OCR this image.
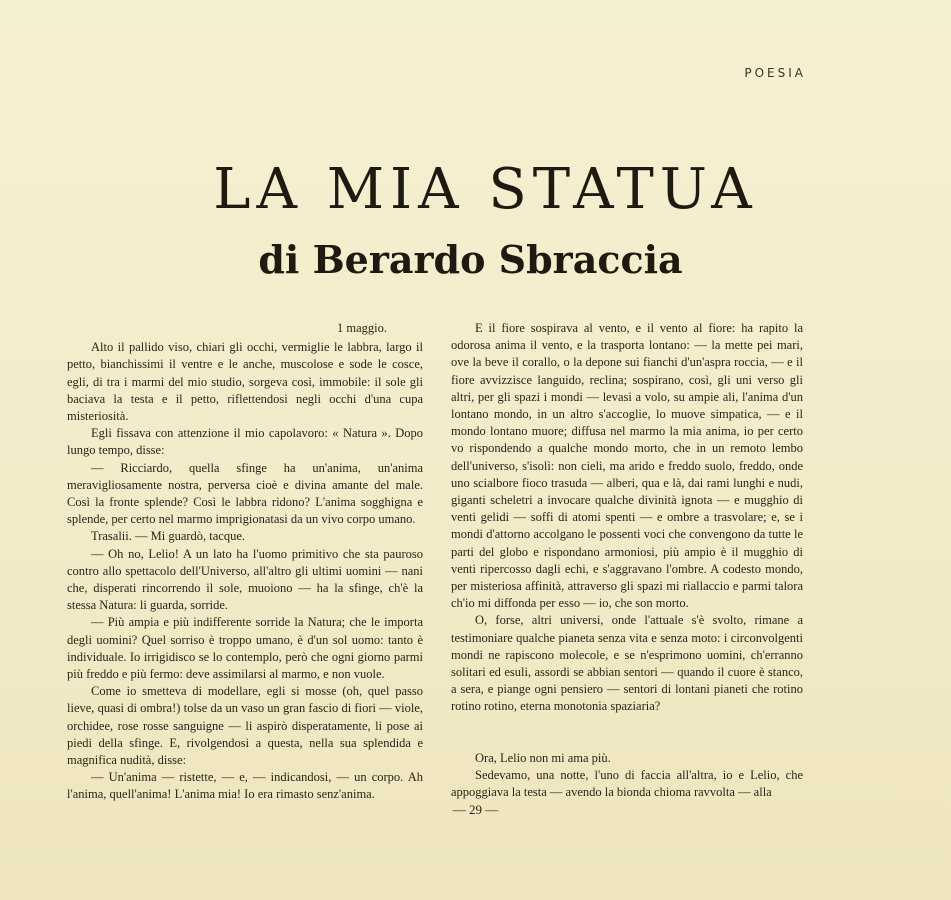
POESIA
LA MIA STATUA
di Berardo Sbraccia

1 maggio.

Alto il pallido viso, chiari gli occhi, vermiglie le labbra, largo il petto, bianchissimi il ventre e le anche, muscolose e sode le cosce, egli, di tra i marmi del mio studio, sorgeva così, immobile: il sole gli baciava la testa e il petto, riflettendosi negli occhi d'una cupa misteriosità.

Egli fissava con attenzione il mio capolavoro: « Natura ». Dopo lungo tempo, disse:

— Ricciardo, quella sfinge ha un'anima, un'anima meravigliosamente nostra, perversa cioè e divina amante del male. Così la fronte splende? Così le labbra ridono? L'anima sogghigna e splende, per certo nel marmo imprigionatasi da un vivo corpo umano.

Trasalii. — Mi guardò, tacque.

— Oh no, Lelio! A un lato ha l'uomo primitivo che sta pauroso contro allo spettacolo dell'Universo, all'altro gli ultimi uomini — nani che, disperati rincorrendo il sole, muoiono — ha la sfinge, ch'è la stessa Natura: li guarda, sorride.

— Più ampia e più indifferente sorride la Natura; che le importa degli uomini? Quel sorriso è troppo umano, è d'un sol uomo: tanto è individuale. Io irrigidisco se lo contemplo, però che ogni giorno parmi più freddo e più fermo: deve assimilarsi al marmo, e non vuole.

Come io smetteva di modellare, egli si mosse (oh, quel passo lieve, quasi di ombra!) tolse da un vaso un gran fascio di fiori — viole, orchidee, rose rosse sanguigne — li aspirò disperatamente, li pose ai piedi della sfinge. E, rivolgendosi a questa, nella sua splendida e magnifica nudità, disse:

— Un'anima — ristette, — e, — indicandosi, — un corpo. Ah l'anima, quell'anima! L'anima mia! Io era rimasto senz'anima.

E il fiore sospirava al vento, e il vento al fiore: ha rapito la odorosa anima il vento, e la trasporta lontano: — la mette pei mari, ove la beve il corallo, o la depone sui fianchi d'un'aspra roccia, — e il fiore avvizzisce languido, reclina; sospirano, così, gli uni verso gli altri, per gli spazi i mondi — levasi a volo, su ampie ali, l'anima d'un lontano mondo, in un altro s'accoglie, lo muove simpatica, — e il mondo lontano muore; diffusa nel marmo la mia anima, io per certo vo rispondendo a qualche mondo morto, che in un remoto lembo dell'universo, s'isolì: non cieli, ma arido e freddo suolo, freddo, onde uno scialbore fioco trasuda — alberi, qua e là, dai rami lunghi e nudi, giganti scheletri a invocare qualche divinità ignota — e mugghio di venti gelidi — soffi di atomi spenti — e ombre a trasvolare; e, se i mondi d'attorno accolgano le possenti voci che convengono da tutte le parti del globo e rispondano armoniosi, più ampio è il mugghio di venti ripercosso dagli echi, e s'aggravano l'ombre. A codesto mondo, per misteriosa affinità, attraverso gli spazi mi riallaccio e parmi talora ch'io mi diffonda per esso — io, che son morto.

O, forse, altri universi, onde l'attuale s'è svolto, rimane a testimoniare qualche pianeta senza vita e senza moto: i circonvolgenti mondi ne rapiscono molecole, e se n'esprimono uomini, ch'erranno solitari ed esuli, assordi se abbian sentori — quando il cuore è stanco, a sera, e piange ogni pensiero — sentori di lontani pianeti che rotino rotino rotino, eterna monotonia spaziaria?

Ora, Lelio non mi ama più.

Sedevamo, una notte, l'uno di faccia all'altra, io e Lelio, che appoggiava la testa — avendo la bionda chioma ravvolta — alla

— 29 —
